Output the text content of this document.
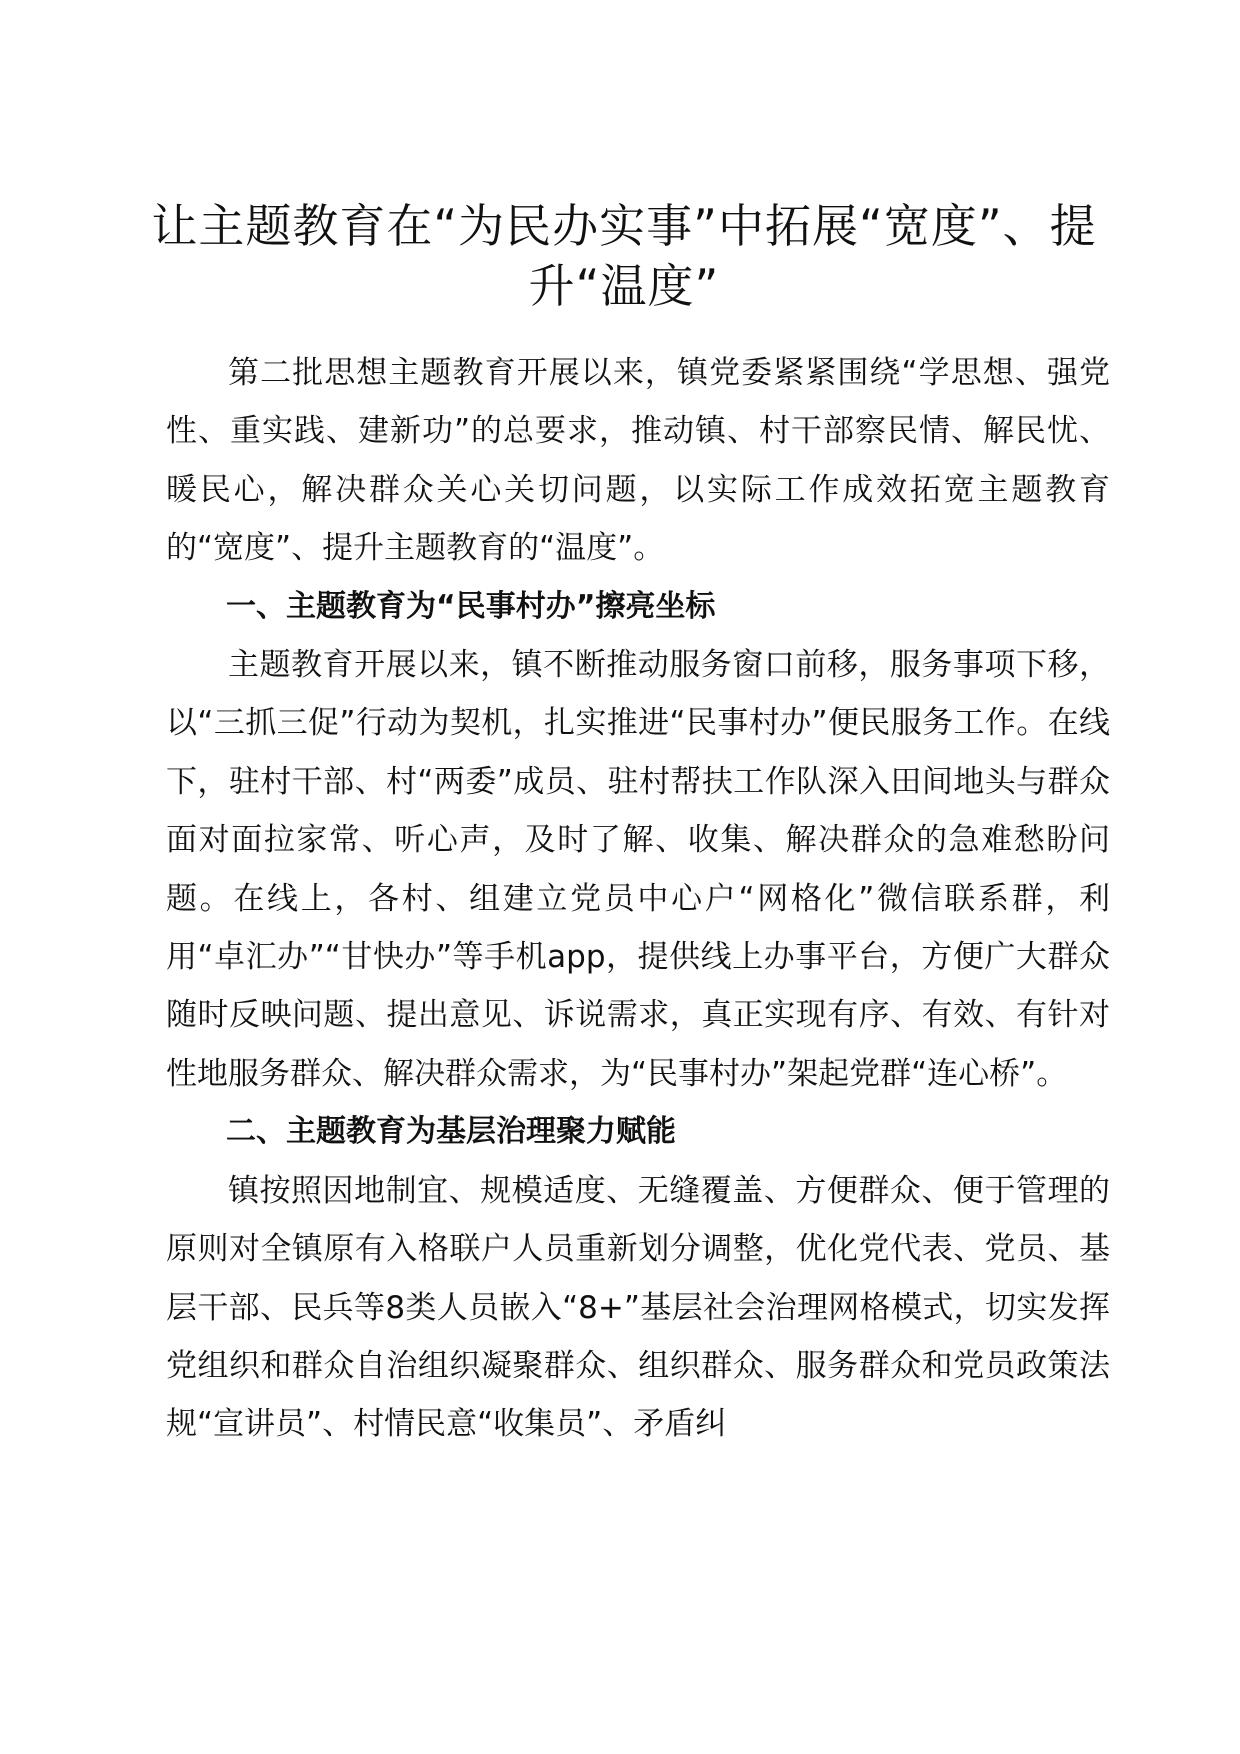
让主题教育在“为民办实事”中拓展“宽度”、提升“温度”

第二批思想主题教育开展以来，镇党委紧紧围绕“学思想、强党性、重实践、建新功”的总要求，推动镇、村干部察民情、解民忧、暖民心，解决群众关心关切问题，以实际工作成效拓宽主题教育的“宽度”、提升主题教育的“温度”。

一、主题教育为“民事村办”擦亮坐标

主题教育开展以来，镇不断推动服务窗口前移，服务事项下移，以“三抓三促”行动为契机，扎实推进“民事村办”便民服务工作。在线下，驻村干部、村“两委”成员、驻村帮扶工作队深入田间地头与群众面对面拉家常、听心声，及时了解、收集、解决群众的急难愁盼问题。在线上，各村、组建立党员中心户“网格化”微信联系群，利用“卓汇办”“甘快办”等手机app，提供线上办事平台，方便广大群众随时反映问题、提出意见、诉说需求，真正实现有序、有效、有针对性地服务群众、解决群众需求，为“民事村办”架起党群“连心桥”。

二、主题教育为基层治理聚力赋能

镇按照因地制宜、规模适度、无缝覆盖、方便群众、便于管理的原则对全镇原有入格联户人员重新划分调整，优化党代表、党员、基层干部、民兵等8类人员嵌入“8+”基层社会治理网格模式，切实发挥党组织和群众自治组织凝聚群众、组织群众、服务群众和党员政策法规“宣讲员”、村情民意“收集员”、矛盾纠
